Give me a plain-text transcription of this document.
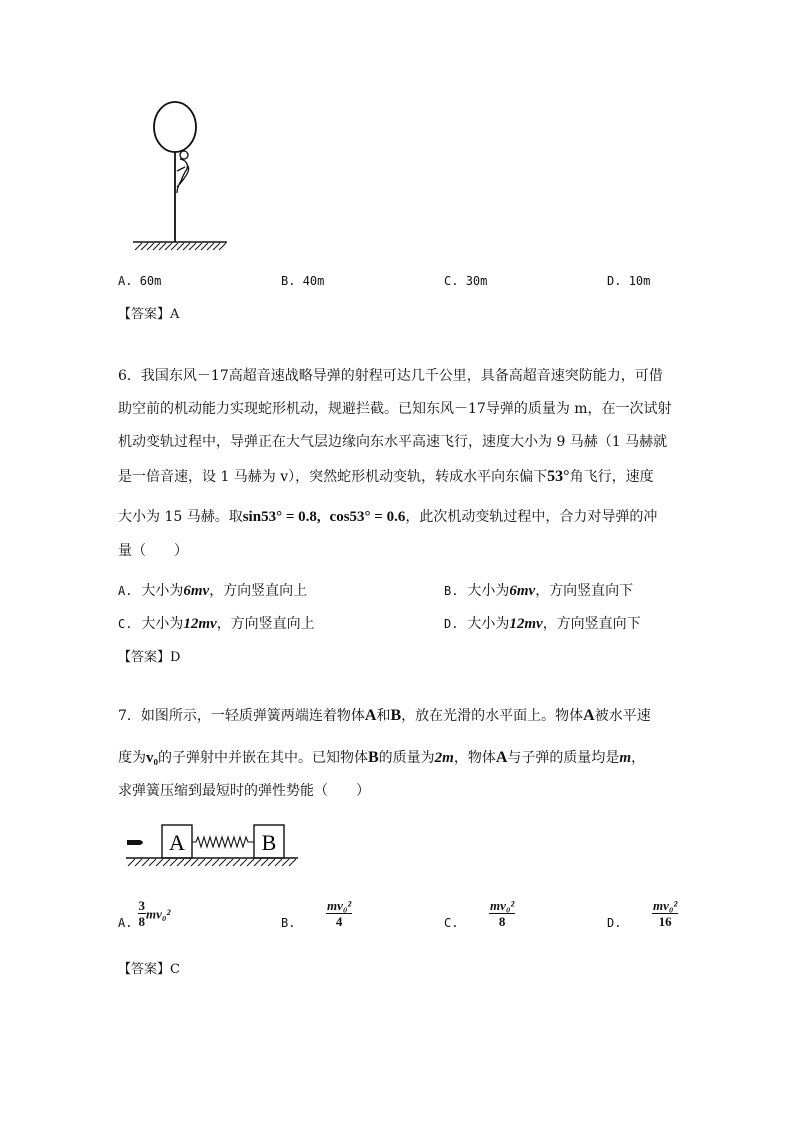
A. 60m	B. 40m	C. 30m	D. 10m
【答案】A
6．我国东风－17高超音速战略导弹的射程可达几千公里，具备高超音速突防能力，可借
助空前的机动能力实现蛇形机动，规避拦截。已知东风－17导弹的质量为 m，在一次试射
机动变轨过程中，导弹正在大气层边缘向东水平高速飞行，速度大小为 9 马赫（1 马赫就
是一倍音速，设 1 马赫为 v），突然蛇形机动变轨，转成水平向东偏下53°角飞行，速度
大小为 15 马赫。取sin53° = 0.8, cos53° = 0.6，此次机动变轨过程中，合力对导弹的冲
量（　　）
A. 大小为6mv，方向竖直向上	B. 大小为6mv，方向竖直向下
C. 大小为12mv，方向竖直向上	D. 大小为12mv，方向竖直向下
【答案】D
7．如图所示，一轻质弹簧两端连着物体A和B，放在光滑的水平面上。物体A被水平速
度为v₀的子弹射中并嵌在其中。已知物体B的质量为2m，物体A与子弹的质量均是m，
求弹簧压缩到最短时的弹性势能（　　）
A	B
A. $\frac{3}{8} mv_0^2$
B. $\frac{\text{mv₀²}}{4}$	C. $\frac{\text{mv₀²}}{8}$	D. $\frac{\text{mv₀²}}{16}$
【答案】C
